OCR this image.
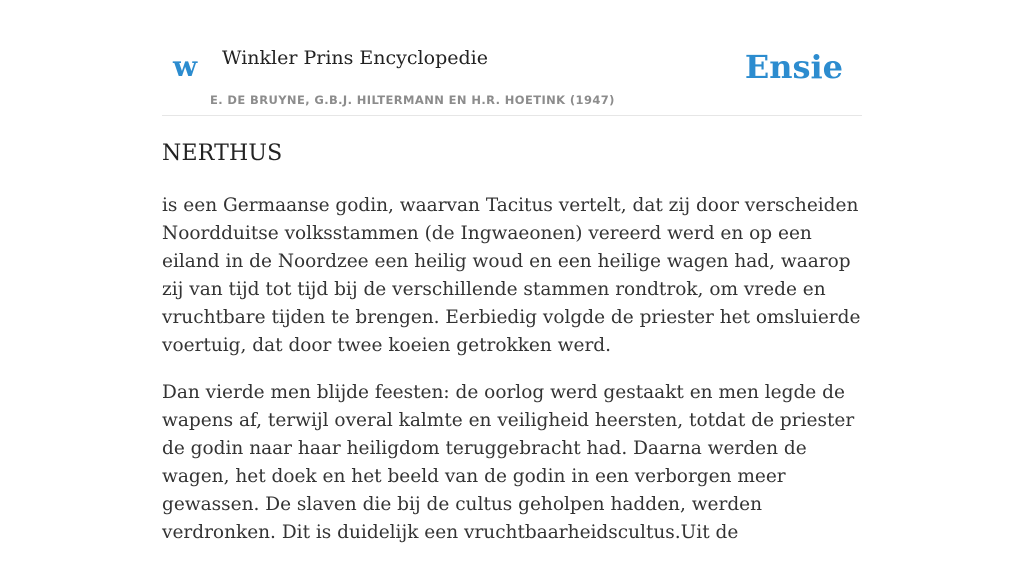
w Winkler Prins Encyclopedie
E. DE BRUYNE, G.B.J. HILTERMANN EN H.R. HOETINK (1947)
Ensie
NERTHUS

is een Germaanse godin, waarvan Tacitus vertelt, dat zij door verscheiden Noordduitse volksstammen (de Ingwaeonen) vereerd werd en op een eiland in de Noordzee een heilig woud en een heilige wagen had, waarop zij van tijd tot tijd bij de verschillende stammen rondtrok, om vrede en vruchtbare tijden te brengen. Eerbiedig volgde de priester het omsluierde voertuig, dat door twee koeien getrokken werd.

Dan vierde men blijde feesten: de oorlog werd gestaakt en men legde de wapens af, terwijl overal kalmte en veiligheid heersten, totdat de priester de godin naar haar heiligdom teruggebracht had. Daarna werden de wagen, het doek en het beeld van de godin in een verborgen meer gewassen. De slaven die bij de cultus geholpen hadden, werden verdronken. Dit is duidelijk een vruchtbaarheidscultus.Uit de
